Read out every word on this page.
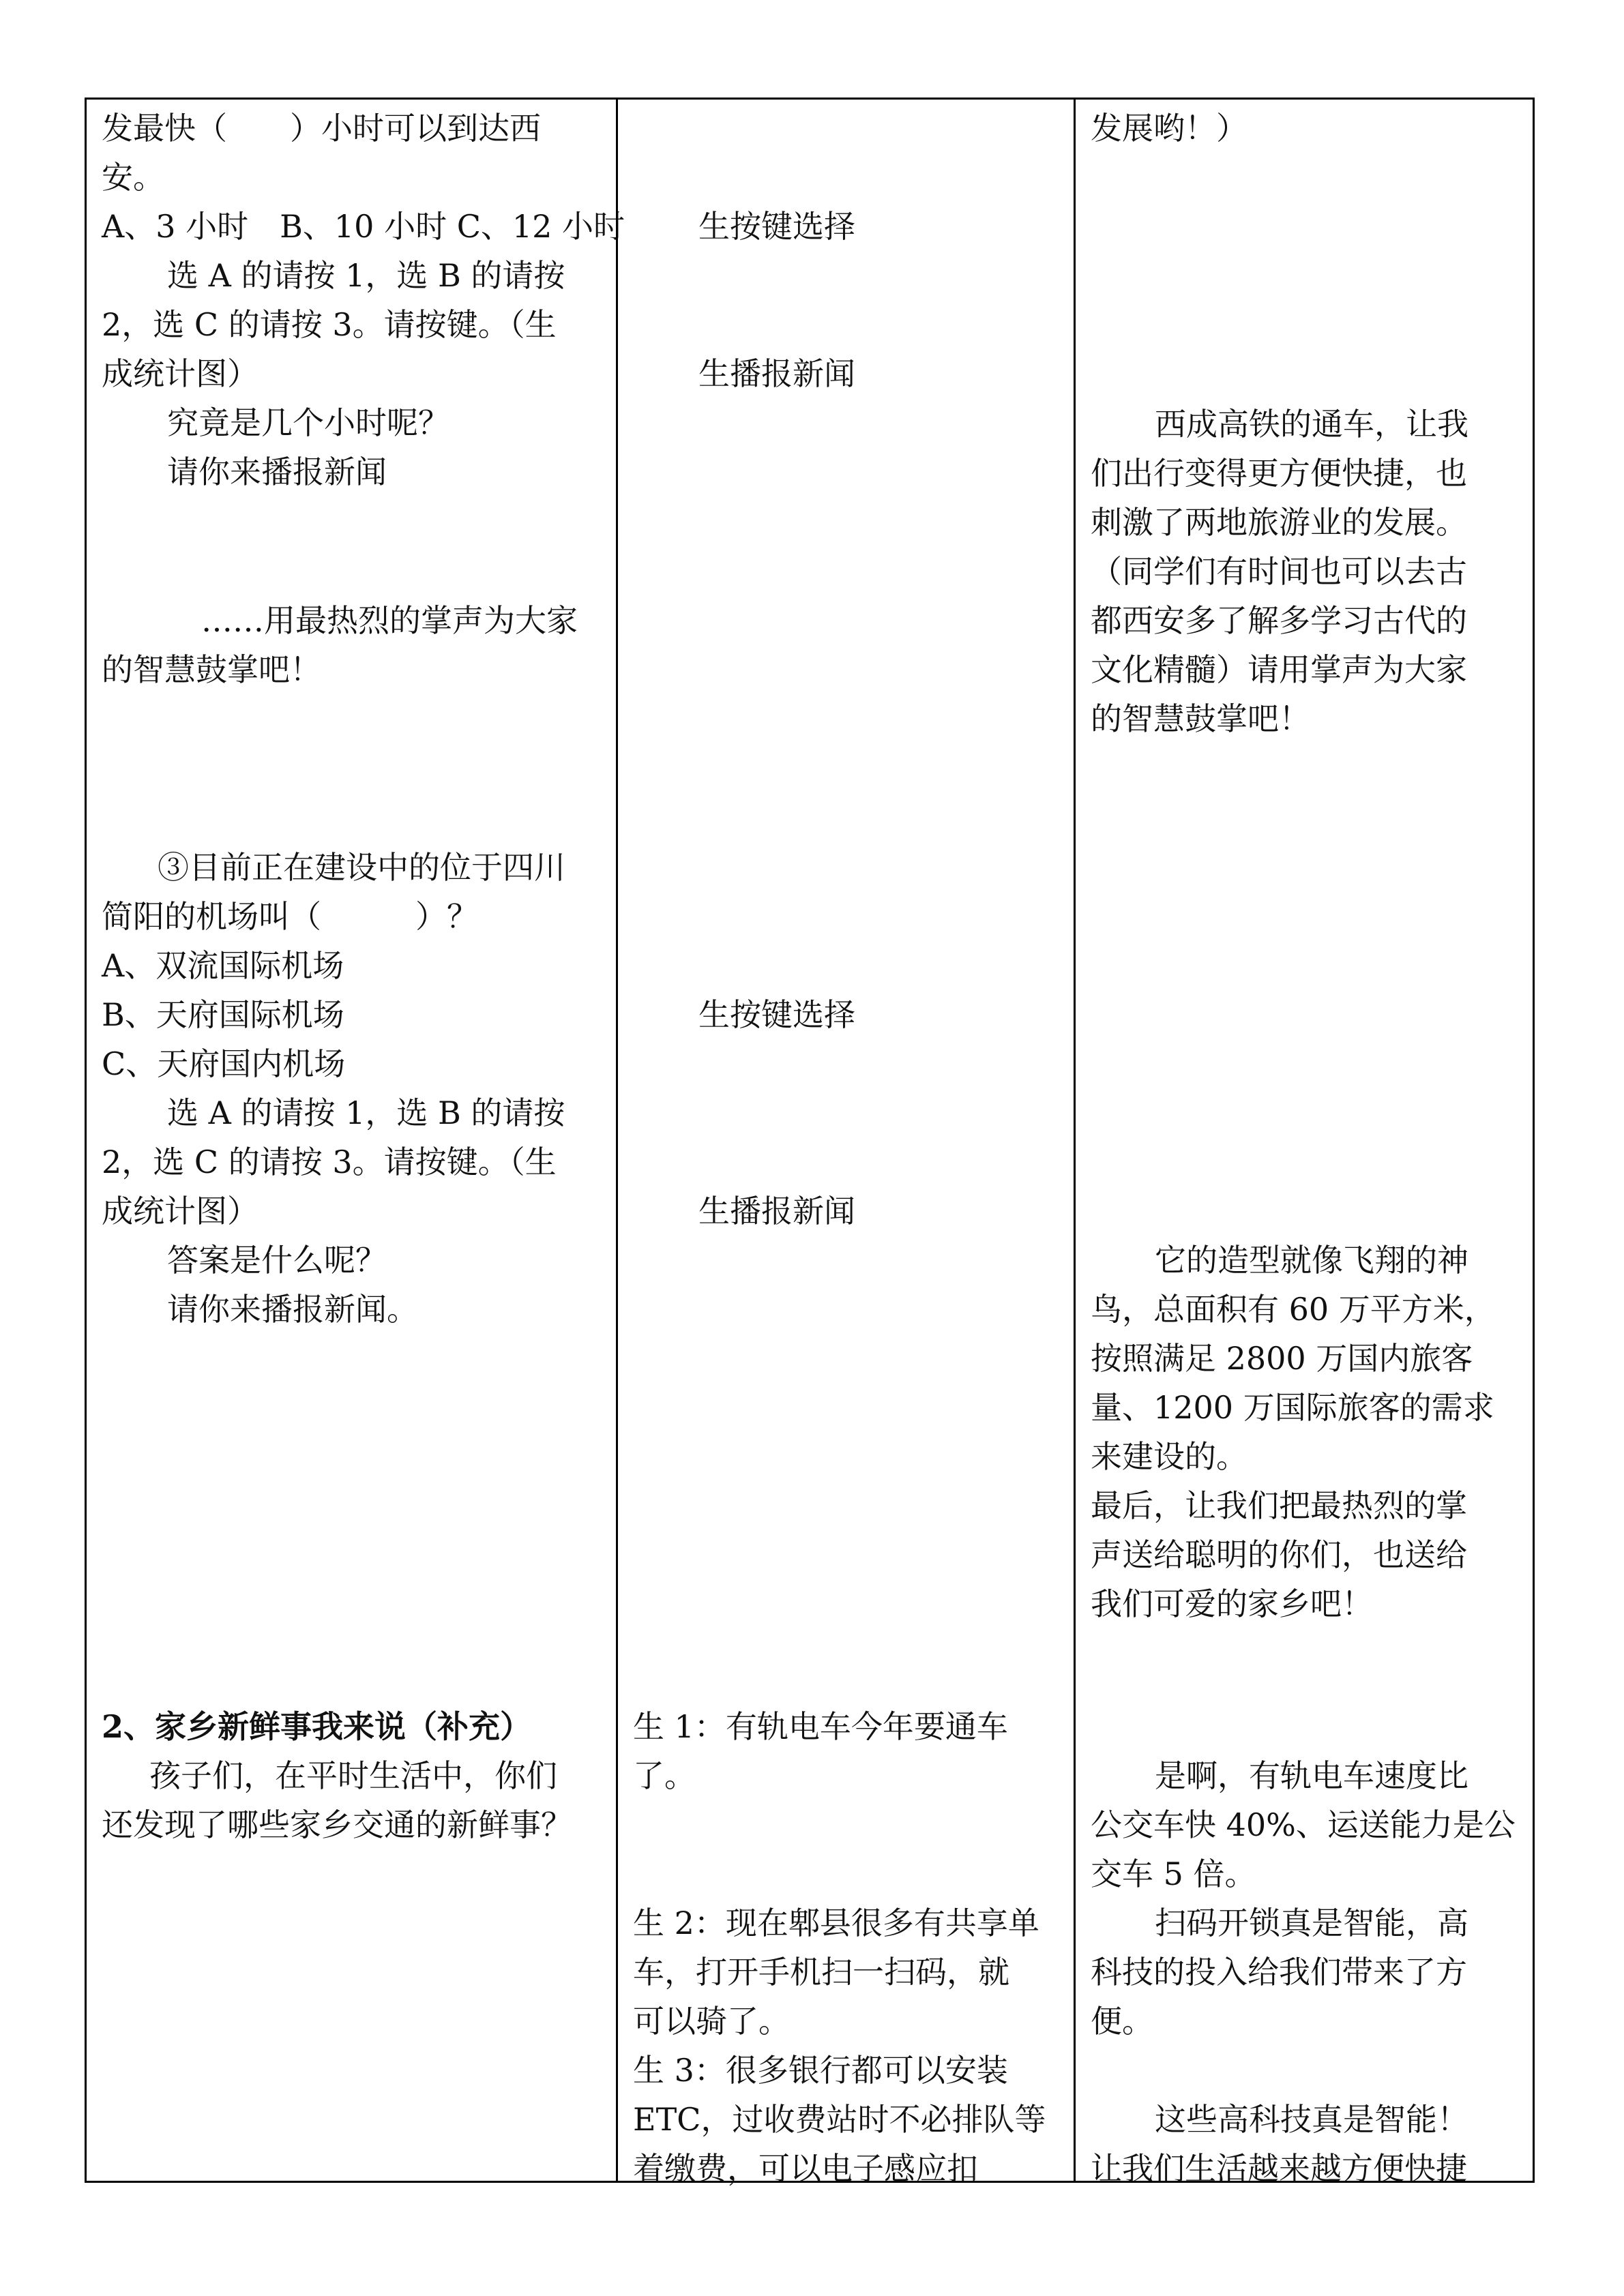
发最快（　　）小时可以到达西
安。
A、3 小时　B、10 小时 C、12 小时
选 A 的请按 1，选 B 的请按
2，选 C 的请按 3。请按键。（生
成统计图）
究竟是几个小时呢？
请你来播报新闻
……用最热烈的掌声为大家
的智慧鼓掌吧！
③目前正在建设中的位于四川
简阳的机场叫（　　　）？
A、双流国际机场
B、天府国际机场
C、天府国内机场
选 A 的请按 1，选 B 的请按
2，选 C 的请按 3。请按键。（生
成统计图）
答案是什么呢？
请你来播报新闻。
2、家乡新鲜事我来说（补充）
孩子们，在平时生活中，你们
还发现了哪些家乡交通的新鲜事？
生按键选择
生播报新闻
生按键选择
生播报新闻
生 1：有轨电车今年要通车
了。
生 2：现在郫县很多有共享单
车，打开手机扫一扫码，就
可以骑了。
生 3：很多银行都可以安装
ETC，过收费站时不必排队等
着缴费，可以电子感应扣
发展哟！）
西成高铁的通车，让我
们出行变得更方便快捷，也
刺激了两地旅游业的发展。
（同学们有时间也可以去古
都西安多了解多学习古代的
文化精髓）请用掌声为大家
的智慧鼓掌吧！
它的造型就像飞翔的神
鸟，总面积有 60 万平方米，
按照满足 2800 万国内旅客
量、1200 万国际旅客的需求
来建设的。
最后，让我们把最热烈的掌
声送给聪明的你们，也送给
我们可爱的家乡吧！
是啊，有轨电车速度比
公交车快 40%、运送能力是公
交车 5 倍。
扫码开锁真是智能，高
科技的投入给我们带来了方
便。
这些高科技真是智能！
让我们生活越来越方便快捷
